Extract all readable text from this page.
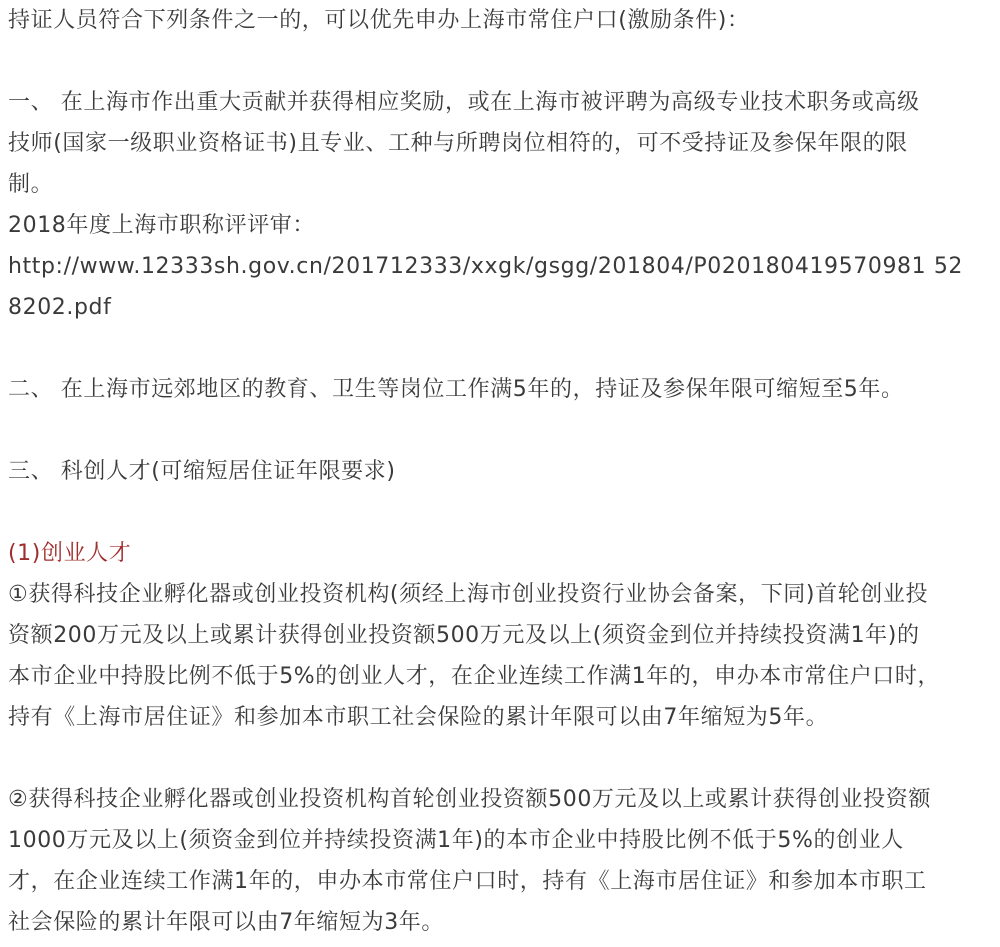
持证人员符合下列条件之一的，可以优先申办上海市常住户口(激励条件)：
一、 在上海市作出重大贡献并获得相应奖励，或在上海市被评聘为高级专业技术职务或高级
技师(国家一级职业资格证书)且专业、工种与所聘岗位相符的，可不受持证及参保年限的限
制。
2018年度上海市职称评评审：
http://www.12333sh.gov.cn/201712333/xxgk/gsgg/201804/P020180419570981 52
8202.pdf
二、 在上海市远郊地区的教育、卫生等岗位工作满5年的，持证及参保年限可缩短至5年。
三、 科创人才(可缩短居住证年限要求)
(1)创业人才
①获得科技企业孵化器或创业投资机构(须经上海市创业投资行业协会备案，下同)首轮创业投
资额200万元及以上或累计获得创业投资额500万元及以上(须资金到位并持续投资满1年)的
本市企业中持股比例不低于5%的创业人才，在企业连续工作满1年的，申办本市常住户口时，
持有《上海市居住证》和参加本市职工社会保险的累计年限可以由7年缩短为5年。
②获得科技企业孵化器或创业投资机构首轮创业投资额500万元及以上或累计获得创业投资额
1000万元及以上(须资金到位并持续投资满1年)的本市企业中持股比例不低于5%的创业人
才，在企业连续工作满1年的，申办本市常住户口时，持有《上海市居住证》和参加本市职工
社会保险的累计年限可以由7年缩短为3年。
